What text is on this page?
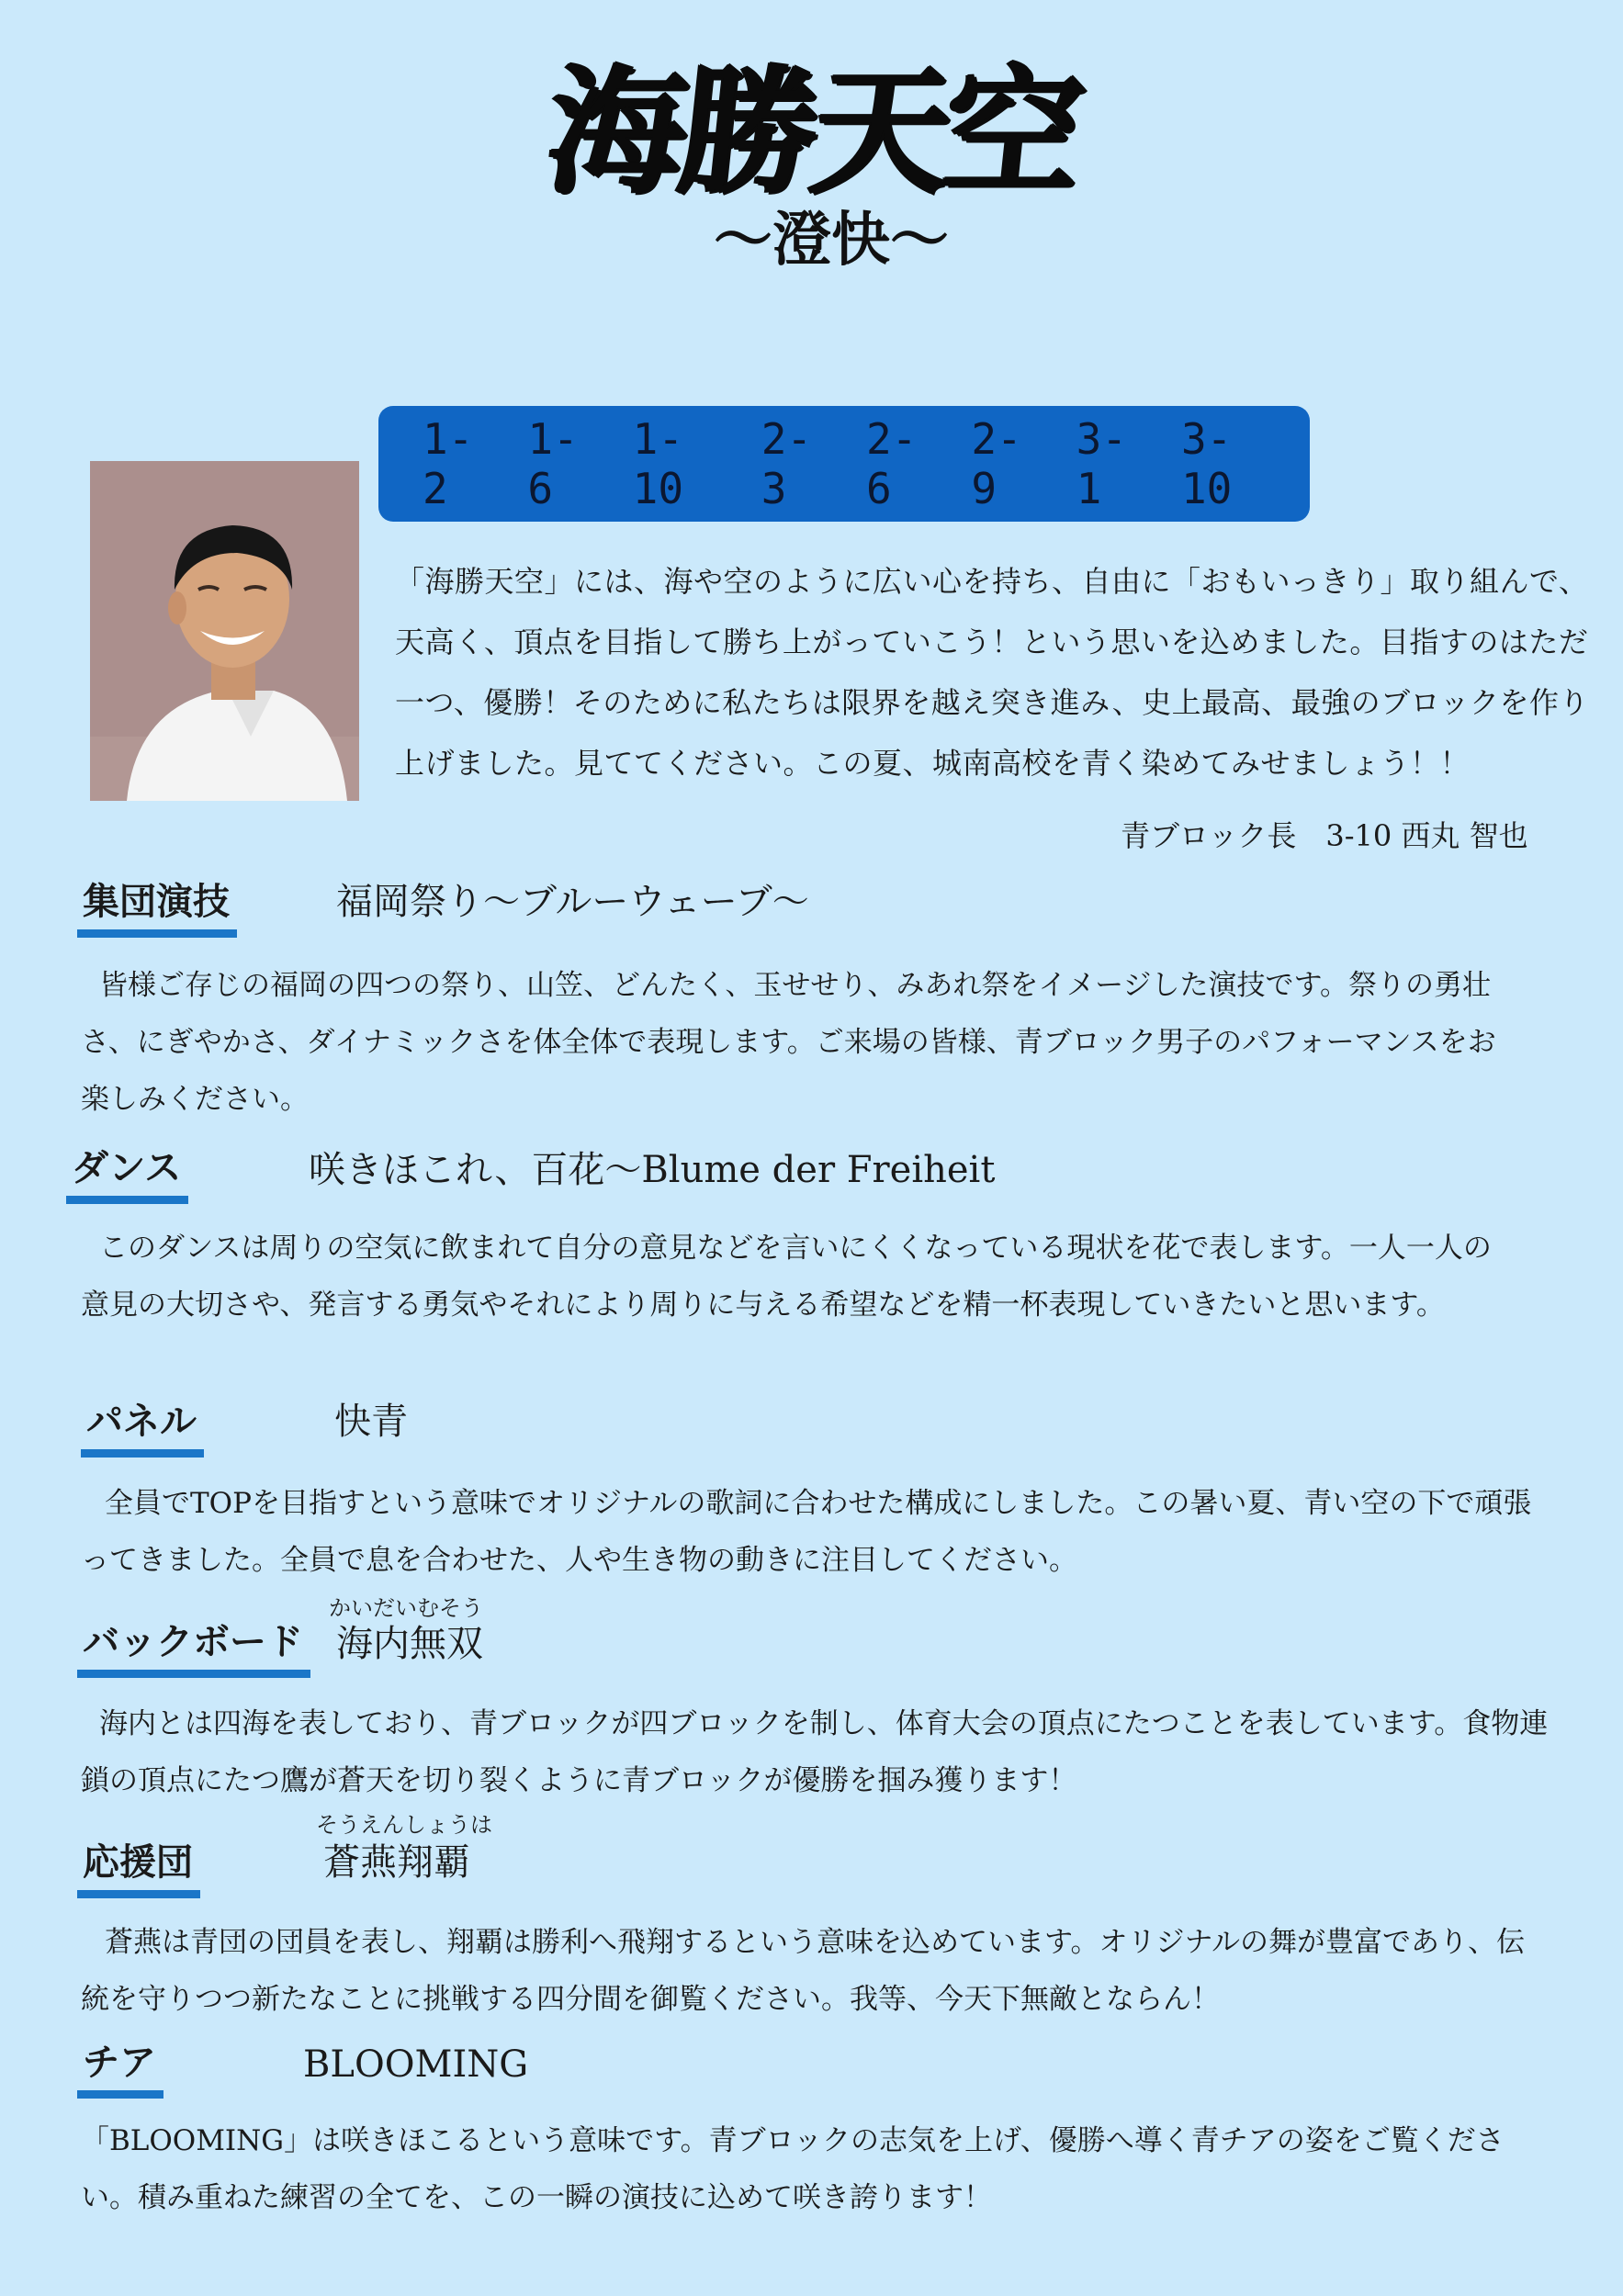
海勝天空
～澄快～
1-2
1-6
1-10
2-3
2-6
2-9
3-1
3-10
「海勝天空」には、海や空のように広い心を持ち、自由に「おもいっきり」取り組んで、天高く、頂点を目指して勝ち上がっていこう！という思いを込めました。目指すのはただ一つ、優勝！そのために私たちは限界を越え突き進み、史上最高、最強のブロックを作り上げました。見ててください。この夏、城南高校を青く染めてみせましょう！！
青ブロック長　3-10 西丸 智也
集団演技	福岡祭り～ブルーウェーブ～
皆様ご存じの福岡の四つの祭り、山笠、どんたく、玉せせり、みあれ祭をイメージした演技です。祭りの勇壮さ、にぎやかさ、ダイナミックさを体全体で表現します。ご来場の皆様、青ブロック男子のパフォーマンスをお楽しみください。
ダンス	咲きほこれ、百花～Blume der Freiheit
このダンスは周りの空気に飲まれて自分の意見などを言いにくくなっている現状を花で表します。一人一人の意見の大切さや、発言する勇気やそれにより周りに与える希望などを精一杯表現していきたいと思います。
パネル	快青
全員でTOPを目指すという意味でオリジナルの歌詞に合わせた構成にしました。この暑い夏、青い空の下で頑張ってきました。全員で息を合わせた、人や生き物の動きに注目してください。
かいだいむそう
バックボード 海内無双
海内とは四海を表しており、青ブロックが四ブロックを制し、体育大会の頂点にたつことを表しています。食物連鎖の頂点にたつ鷹が蒼天を切り裂くように青ブロックが優勝を掴み獲ります！
そうえんしょうは
応援団	蒼燕翔覇
蒼燕は青団の団員を表し、翔覇は勝利へ飛翔するという意味を込めています。オリジナルの舞が豊富であり、伝統を守りつつ新たなことに挑戦する四分間を御覧ください。我等、今天下無敵とならん！
チア	BLOOMING
「BLOOMING」は咲きほこるという意味です。青ブロックの志気を上げ、優勝へ導く青チアの姿をご覧ください。積み重ねた練習の全てを、この一瞬の演技に込めて咲き誇ります！
